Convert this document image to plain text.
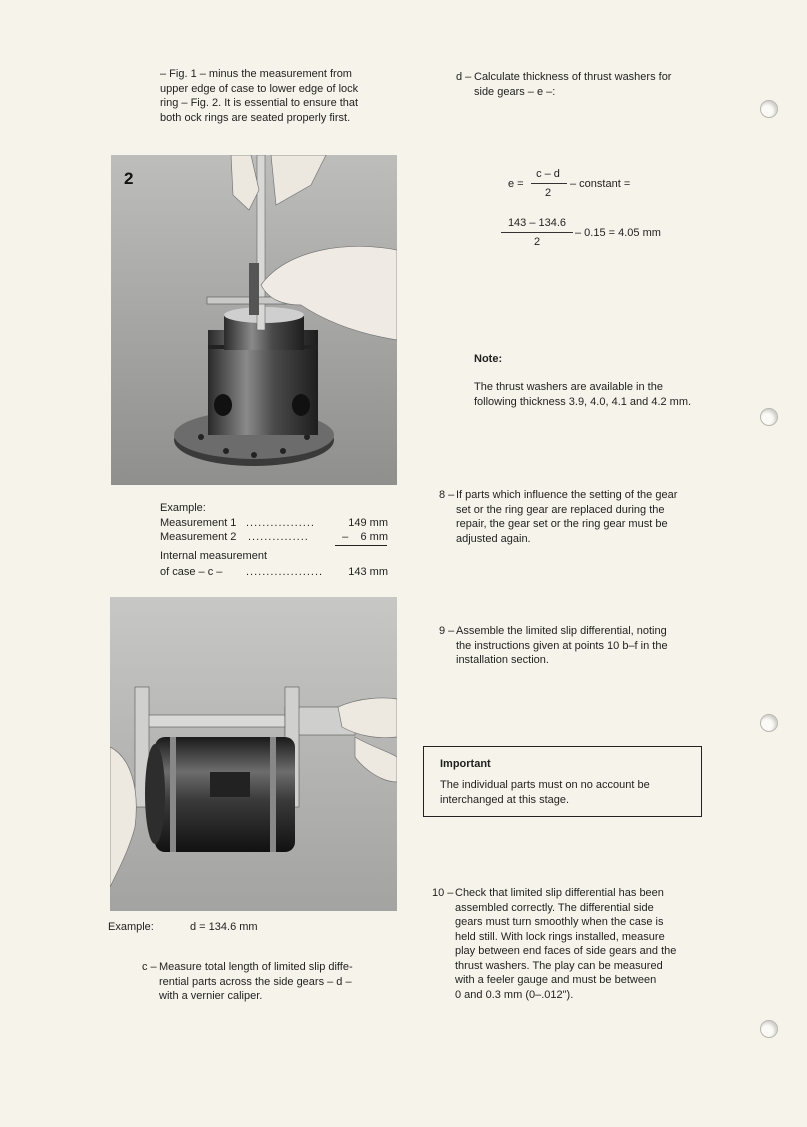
– Fig. 1 – minus the measurement from
upper edge of case to lower edge of lock
ring – Fig. 2. It is essential to ensure that
both ock rings are seated properly first.
2
Example:
Measurement 1 .................	149 mm
Measurement 2 ...............	–    6 mm
Internal measurement
of case – c – ................... 143 mm
Example:	d = 134.6 mm
c – Measure total length of limited slip diffe-
rential parts across the side gears – d –
with a vernier caliper.
d – Calculate thickness of thrust washers for
side gears – e –:
e =
c – d
2
– constant =
143 – 134.6
2
– 0.15 = 4.05 mm
Note:
The thrust washers are available in the
following thickness 3.9, 4.0, 4.1 and 4.2 mm.
8 – If parts which influence the setting of the gear
set or the ring gear are replaced during the
repair, the gear set or the ring gear must be
adjusted again.
9 – Assemble the limited slip differential, noting
the instructions given at points 10 b–f in the
installation section.
Important
The individual parts must on no account be
interchanged at this stage.
10 – Check that limited slip differential has been
assembled correctly. The differential side
gears must turn smoothly when the case is
held still. With lock rings installed, measure
play between end faces of side gears and the
thrust washers. The play can be measured
with a feeler gauge and must be between
0 and 0.3 mm (0–.012").
